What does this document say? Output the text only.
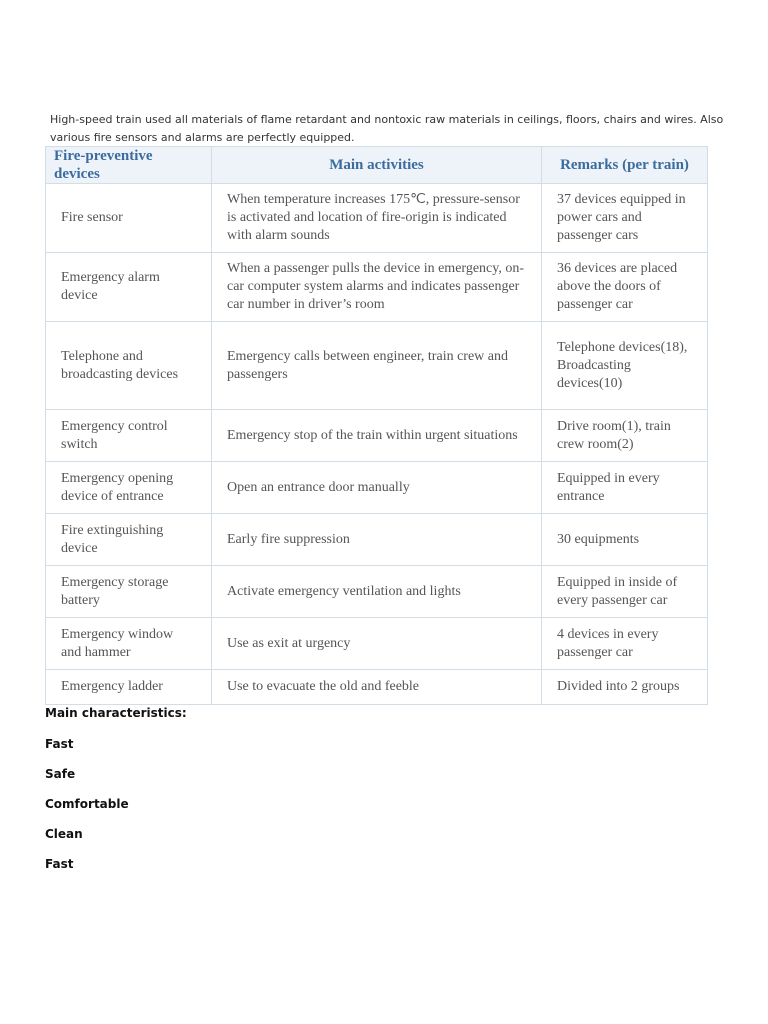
High-speed train used all materials of flame retardant and nontoxic raw materials in ceilings, floors, chairs and wires. Also various fire sensors and alarms are perfectly equipped.
Fire-preventive devices	Main activities	Remarks (per train)
Fire sensor	When temperature increases 175℃, pressure-sensor is activated and location of fire-origin is indicated with alarm sounds	37 devices equipped in power cars and passenger cars
Emergency alarm device	When a passenger pulls the device in emergency, on-car computer system alarms and indicates passenger car number in driver’s room	36 devices are placed above the doors of passenger car
Telephone and broadcasting devices	Emergency calls between engineer, train crew and passengers	Telephone devices(18), Broadcasting devices(10)
Emergency control switch	Emergency stop of the train within urgent situations	Drive room(1), train crew room(2)
Emergency opening device of entrance	Open an entrance door manually	Equipped in every entrance
Fire extinguishing device	Early fire suppression	30 equipments
Emergency storage battery	Activate emergency ventilation and lights	Equipped in inside of every passenger car
Emergency window and hammer	Use as exit at urgency	4 devices in every passenger car
Emergency ladder	Use to evacuate the old and feeble	Divided into 2 groups
Main characteristics:
Fast
Safe
Comfortable
Clean
Fast
